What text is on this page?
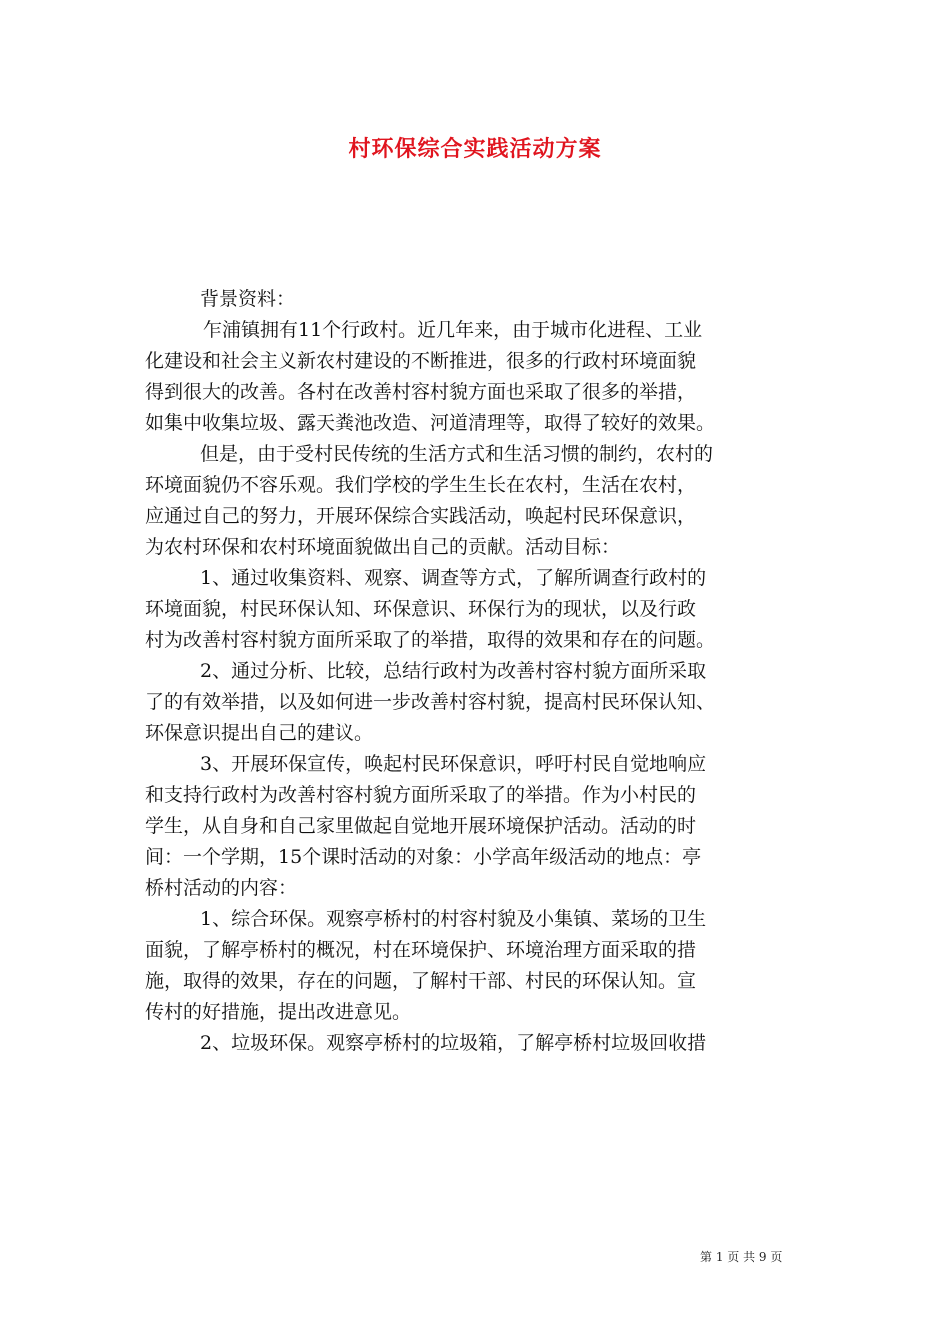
村环保综合实践活动方案
背景资料：
乍浦镇拥有11个行政村。近几年来，由于城市化进程、工业
化建设和社会主义新农村建设的不断推进，很多的行政村环境面貌
得到很大的改善。各村在改善村容村貌方面也采取了很多的举措，
如集中收集垃圾、露天粪池改造、河道清理等，取得了较好的效果。
但是，由于受村民传统的生活方式和生活习惯的制约，农村的
环境面貌仍不容乐观。我们学校的学生生长在农村，生活在农村，
应通过自己的努力，开展环保综合实践活动，唤起村民环保意识，
为农村环保和农村环境面貌做出自己的贡献。活动目标：
1、通过收集资料、观察、调查等方式，了解所调查行政村的
环境面貌，村民环保认知、环保意识、环保行为的现状，以及行政
村为改善村容村貌方面所采取了的举措，取得的效果和存在的问题。
2、通过分析、比较，总结行政村为改善村容村貌方面所采取
了的有效举措，以及如何进一步改善村容村貌，提高村民环保认知、
环保意识提出自己的建议。
3、开展环保宣传，唤起村民环保意识，呼吁村民自觉地响应
和支持行政村为改善村容村貌方面所采取了的举措。作为小村民的
学生，从自身和自己家里做起自觉地开展环境保护活动。活动的时
间：一个学期，15个课时活动的对象：小学高年级活动的地点：亭
桥村活动的内容：
1、综合环保。观察亭桥村的村容村貌及小集镇、菜场的卫生
面貌，了解亭桥村的概况，村在环境保护、环境治理方面采取的措
施，取得的效果，存在的问题，了解村干部、村民的环保认知。宣
传村的好措施，提出改进意见。
2、垃圾环保。观察亭桥村的垃圾箱，了解亭桥村垃圾回收措
第 1 页 共 9 页
